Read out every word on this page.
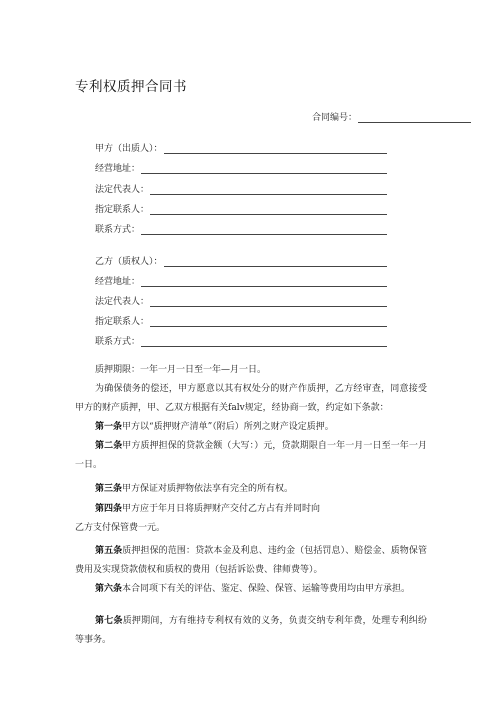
专利权质押合同书
合同编号：
甲方（出质人）：
经营地址：
法定代表人：
指定联系人：
联系方式：
乙方（质权人）：
经营地址：
法定代表人：
指定联系人：
联系方式：

质押期限：一年一月一日至一年—月一日。

为确保债务的偿还，甲方愿意以其有权处分的财产作质押，乙方经审查，同意接受甲方的财产质押，甲、乙双方根据有关falv规定，经协商一致，约定如下条款：

第一条甲方以“质押财产清单”（附后）所列之财产设定质押。

第二条甲方质押担保的贷款金额（大写：）元，贷款期限自一年一月一日至一年一月一日。

第三条甲方保证对质押物依法享有完全的所有权。

第四条甲方应于年月日将质押财产交付乙方占有并同时向

乙方支付保管费一元。

第五条质押担保的范围：贷款本金及利息、违约金（包括罚息）、赔偿金、质物保管费用及实现贷款债权和质权的费用（包括诉讼费、律师费等）。

第六条本合同项下有关的评估、鉴定、保险、保管、运输等费用均由甲方承担。

第七条质押期间，方有维持专利权有效的义务，负责交纳专利年费，处理专利纠纷等事务。
